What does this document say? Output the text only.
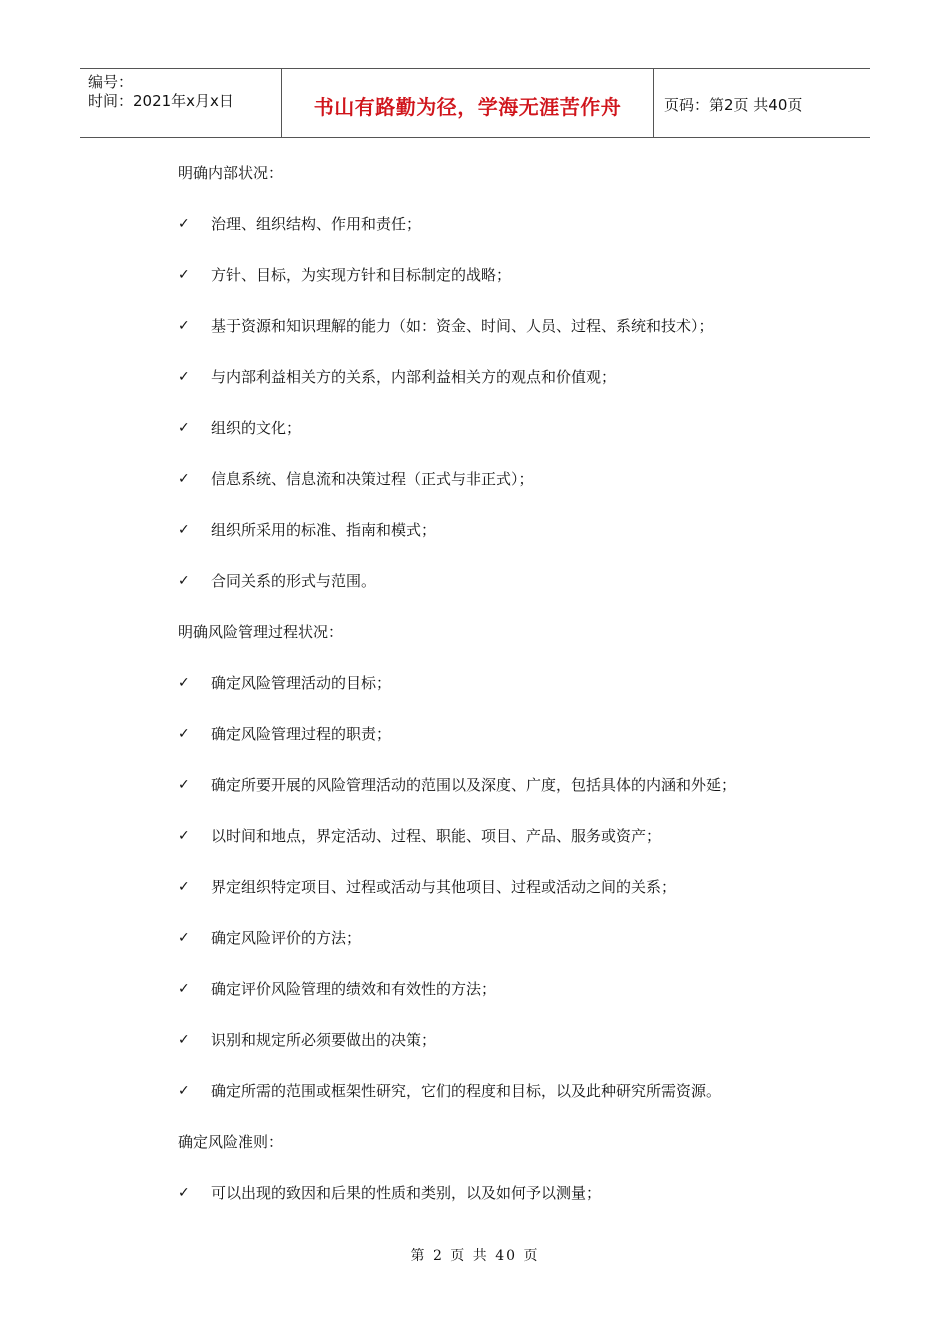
编号：
时间：2021年x月x日	书山有路勤为径，学海无涯苦作舟	页码：第2页 共40页
明确内部状况：
✓ 治理、组织结构、作用和责任；
✓ 方针、目标，为实现方针和目标制定的战略；
✓ 基于资源和知识理解的能力（如：资金、时间、人员、过程、系统和技术）；
✓ 与内部利益相关方的关系，内部利益相关方的观点和价值观；
✓ 组织的文化；
✓ 信息系统、信息流和决策过程（正式与非正式）；
✓ 组织所采用的标准、指南和模式；
✓ 合同关系的形式与范围。
明确风险管理过程状况：
✓ 确定风险管理活动的目标；
✓ 确定风险管理过程的职责；
✓ 确定所要开展的风险管理活动的范围以及深度、广度，包括具体的内涵和外延；
✓ 以时间和地点，界定活动、过程、职能、项目、产品、服务或资产；
✓ 界定组织特定项目、过程或活动与其他项目、过程或活动之间的关系；
✓ 确定风险评价的方法；
✓ 确定评价风险管理的绩效和有效性的方法；
✓ 识别和规定所必须要做出的决策；
✓ 确定所需的范围或框架性研究，它们的程度和目标，以及此种研究所需资源。
确定风险准则：
✓ 可以出现的致因和后果的性质和类别，以及如何予以测量；
第 2 页 共 40 页
